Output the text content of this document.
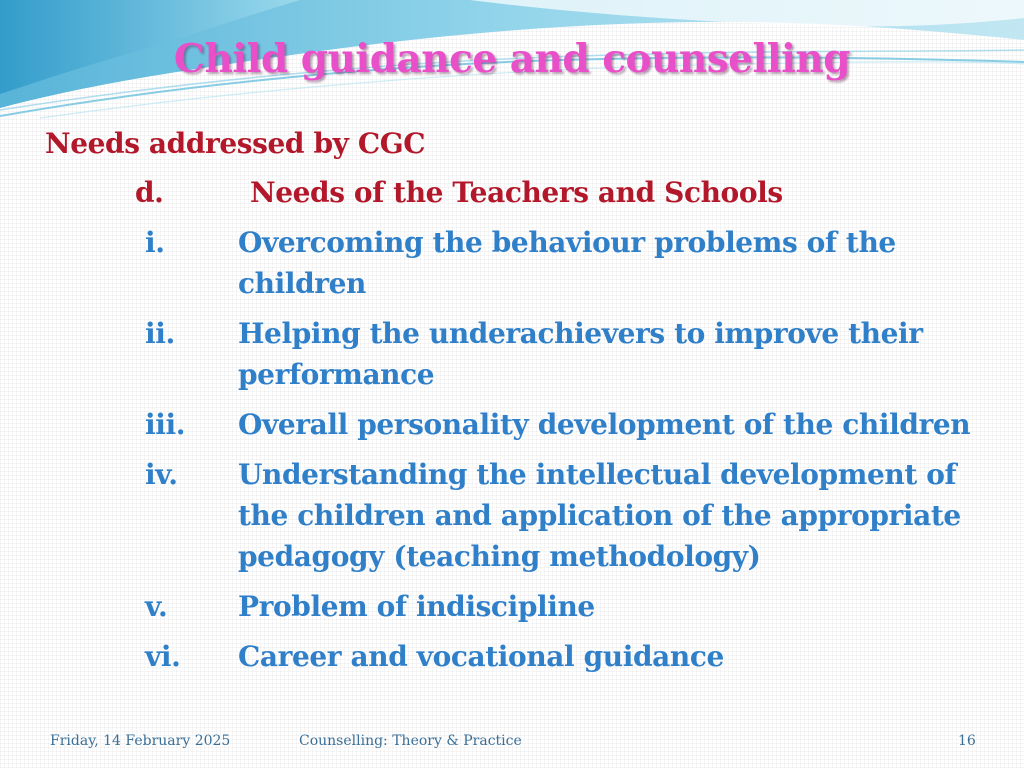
Child guidance and counselling
Needs addressed by CGC
d.	Needs of the Teachers and Schools
i.	Overcoming the behaviour problems of the children
ii. Helping the underachievers to improve their performance
iii. Overall personality development of the children
iv. Understanding the intellectual development of the children and application of the appropriate pedagogy (teaching methodology)
v.	Problem of indiscipline
vi. Career and vocational guidance
Friday, 14 February 2025	Counselling: Theory & Practice	16
